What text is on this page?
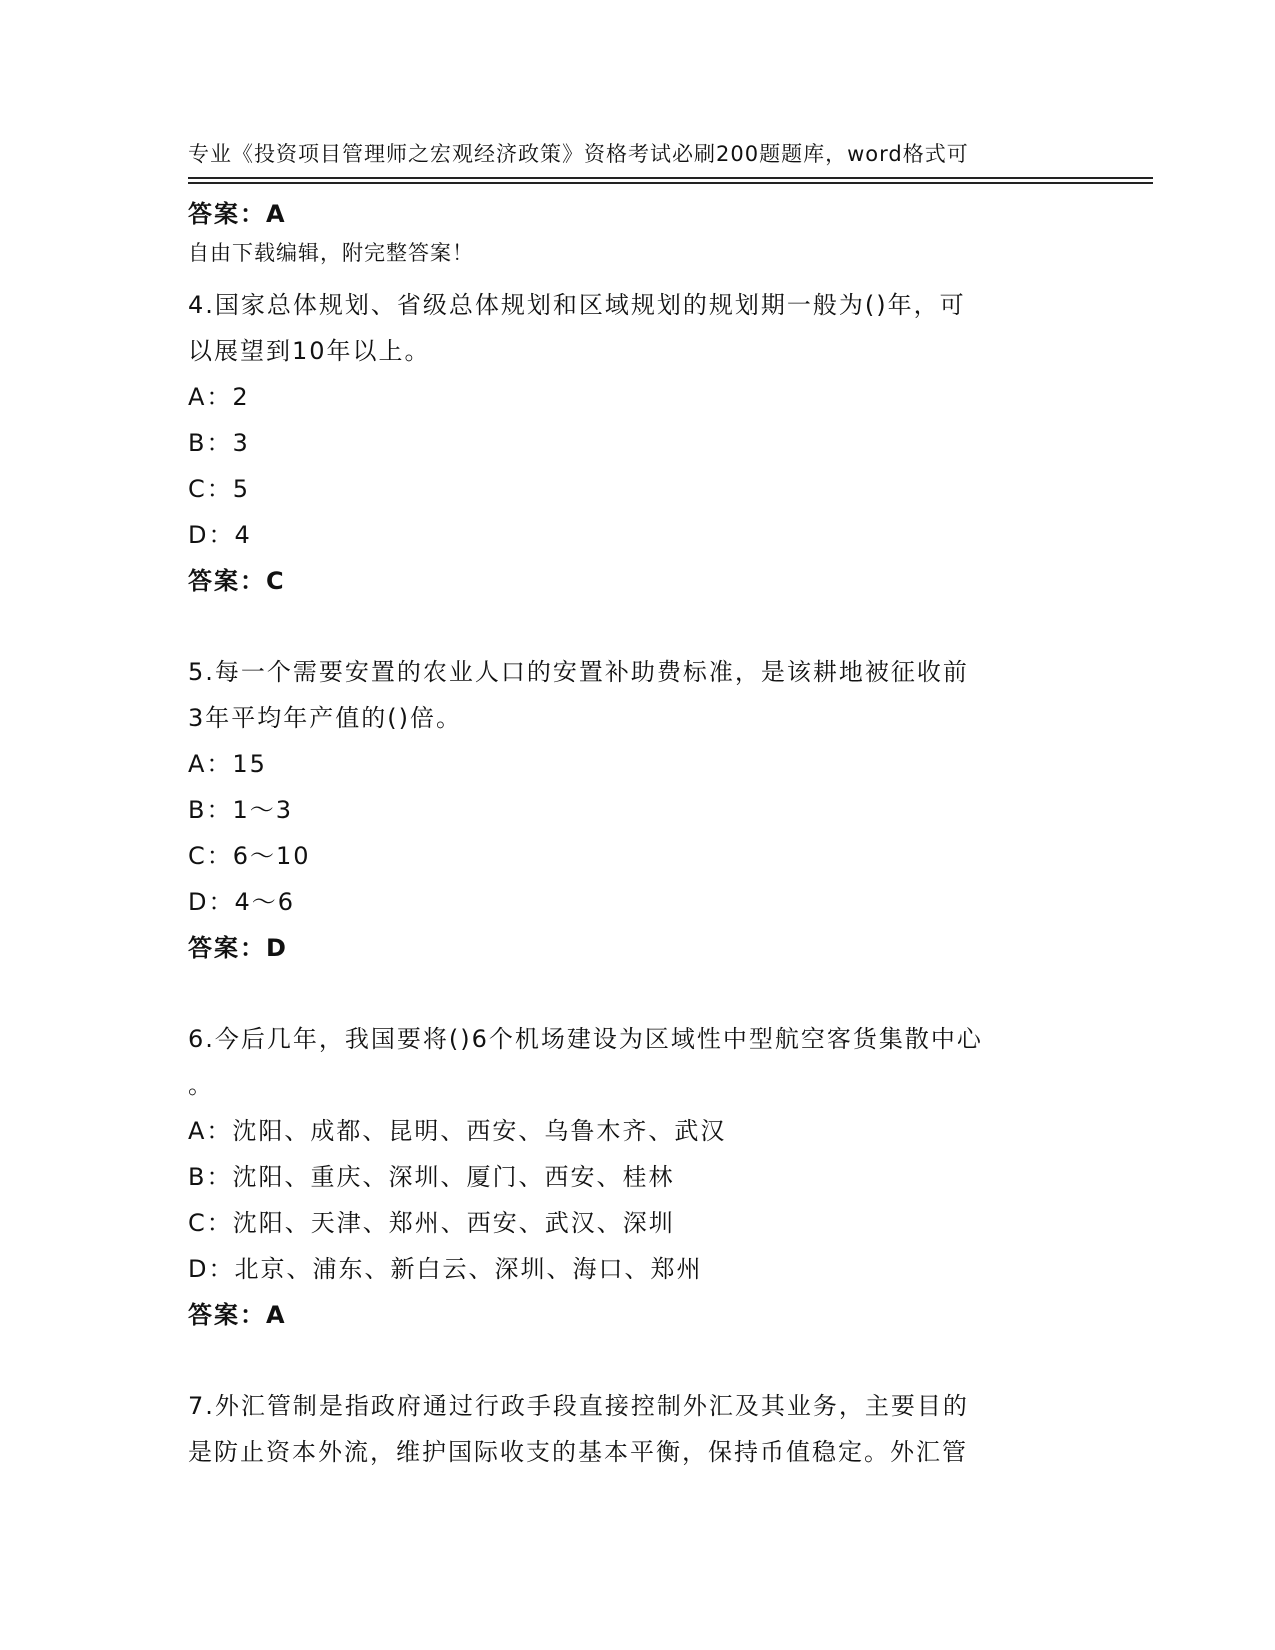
专业《投资项目管理师之宏观经济政策》资格考试必刷200题题库，word格式可

自由下载编辑，附完整答案！

答案：A
4.国家总体规划、省级总体规划和区域规划的规划期一般为()年，可
以展望到10年以上。
A：2
B：3
C：5
D：4
答案：C
5.每一个需要安置的农业人口的安置补助费标准，是该耕地被征收前
3年平均年产值的()倍。
A：15
B：1～3
C：6～10
D：4～6
答案：D
6.今后几年，我国要将()6个机场建设为区域性中型航空客货集散中心
。
A：沈阳、成都、昆明、西安、乌鲁木齐、武汉
B：沈阳、重庆、深圳、厦门、西安、桂林
C：沈阳、天津、郑州、西安、武汉、深圳
D：北京、浦东、新白云、深圳、海口、郑州
答案：A
7.外汇管制是指政府通过行政手段直接控制外汇及其业务，主要目的
是防止资本外流，维护国际收支的基本平衡，保持币值稳定。外汇管
